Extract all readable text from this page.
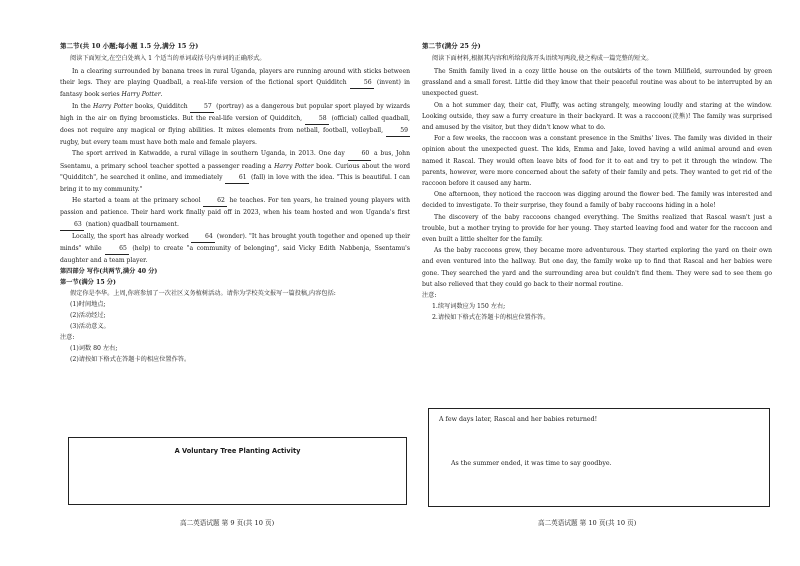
第二节(共 10 小题;每小题 1.5 分,满分 15 分)
阅读下面短文,在空白处填入 1 个适当的单词或括号内单词的正确形式。

In a clearing surrounded by banana trees in rural Uganda, players are running around with sticks between their legs. They are playing Quadball, a real-life version of the fictional sport Quidditch 56 (invent) in fantasy book series Harry Potter.

In the Harry Potter books, Quidditch 57 (portray) as a dangerous but popular sport played by wizards high in the air on flying broomsticks. But the real-life version of Quidditch, 58 (official) called quadball, does not require any magical or flying abilities. It mixes elements from netball, football, volleyball, 59 rugby, but every team must have both male and female players.

The sport arrived in Katwadde, a rural village in southern Uganda, in 2013. One day 60 a bus, John Ssentamu, a primary school teacher spotted a passenger reading a Harry Potter book. Curious about the word "Quidditch", he searched it online, and immediately 61 (fall) in love with the idea. "This is beautiful. I can bring it to my community."

He started a team at the primary school 62 he teaches. For ten years, he trained young players with passion and patience. Their hard work finally paid off in 2023, when his team hosted and won Uganda's first 63 (nation) quadball tournament.

Locally, the sport has already worked 64 (wonder). "It has brought youth together and opened up their minds" while 65 (help) to create "a community of belonging", said Vicky Edith Nabbenja, Ssentamu's daughter and a team player.

第四部分 写作(共两节,满分 40 分)
第一节(满分 15 分)
假定你是李华。上周,你班参加了一次社区义务植树活动。请你为学校英文报写一篇投稿,内容包括:
(1)时间地点;
(2)活动经过;
(3)活动意义。
注意:
(1)词数 80 左右;
(2)请按如下格式在答题卡的相应位置作答。
A Voluntary Tree Planting Activity
高二英语试题 第 9 页(共 10 页)
第二节(满分 25 分)
阅读下面材料,根据其内容和所给段落开头语续写两段,使之构成一篇完整的短文。

The Smith family lived in a cozy little house on the outskirts of the town Millfield, surrounded by green grassland and a small forest. Little did they know that their peaceful routine was about to be interrupted by an unexpected guest.

On a hot summer day, their cat, Fluffy, was acting strangely, meowing loudly and staring at the window. Looking outside, they saw a furry creature in their backyard. It was a raccoon(浣熊)! The family was surprised and amused by the visitor, but they didn't know what to do.

For a few weeks, the raccoon was a constant presence in the Smiths' lives. The family was divided in their opinion about the unexpected guest. The kids, Emma and Jake, loved having a wild animal around and even named it Rascal. They would often leave bits of food for it to eat and try to pet it through the window. The parents, however, were more concerned about the safety of their family and pets. They wanted to get rid of the raccoon before it caused any harm.

One afternoon, they noticed the raccoon was digging around the flower bed. The family was interested and decided to investigate. To their surprise, they found a family of baby raccoons hiding in a hole!

The discovery of the baby raccoons changed everything. The Smiths realized that Rascal wasn't just a trouble, but a mother trying to provide for her young. They started leaving food and water for the raccoon and even built a little shelter for the family.

As the baby raccoons grew, they became more adventurous. They started exploring the yard on their own and even ventured into the hallway. But one day, the family woke up to find that Rascal and her babies were gone. They searched the yard and the surrounding area but couldn't find them. They were sad to see them go but also relieved that they could go back to their normal routine.

注意:
1.续写词数应为 150 左右;
2.请按如下格式在答题卡的相应位置作答。
A few days later, Rascal and her babies returned!
As the summer ended, it was time to say goodbye.
高二英语试题 第 10 页(共 10 页)
